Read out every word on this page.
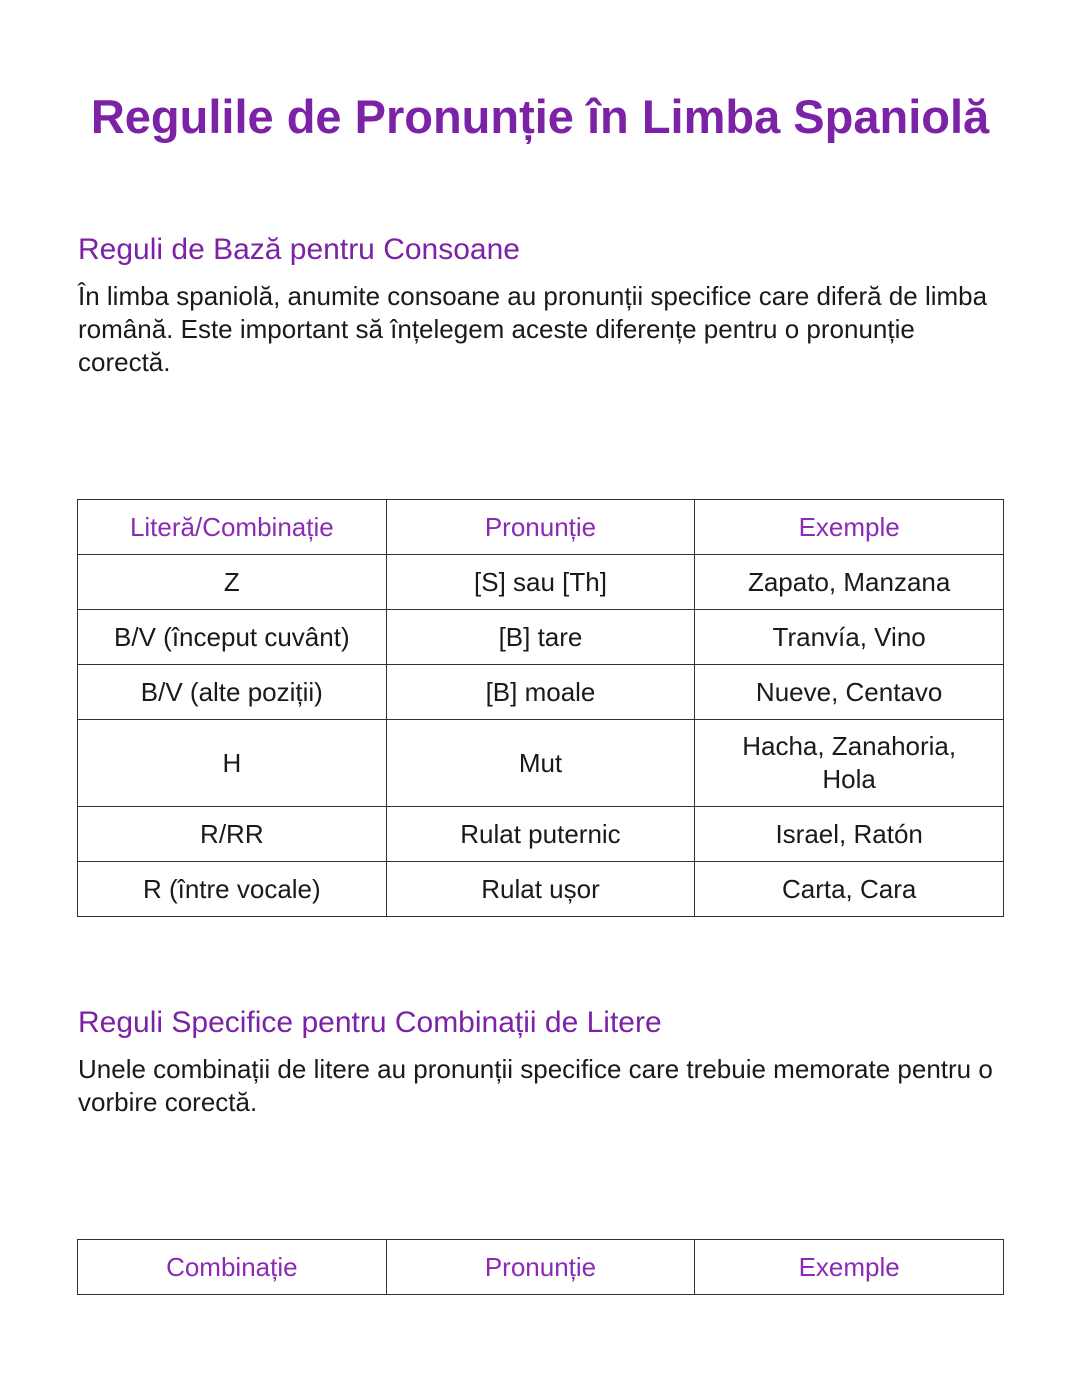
Regulile de Pronunție în Limba Spaniolă
Reguli de Bază pentru Consoane

În limba spaniolă, anumite consoane au pronunții specifice care diferă de limba română. Este important să înțelegem aceste diferențe pentru o pronunție corectă.

Literă/Combinație	Pronunție	Exemple
Z	[S] sau [Th]	Zapato, Manzana
B/V (început cuvânt)	[B] tare	Tranvía, Vino
B/V (alte poziții)	[B] moale	Nueve, Centavo
H	Mut	Hacha, Zanahoria, Hola
R/RR	Rulat puternic	Israel, Ratón
R (între vocale)	Rulat ușor	Carta, Cara
Reguli Specifice pentru Combinații de Litere

Unele combinații de litere au pronunții specifice care trebuie memorate pentru o vorbire corectă.

Combinație	Pronunție	Exemple
